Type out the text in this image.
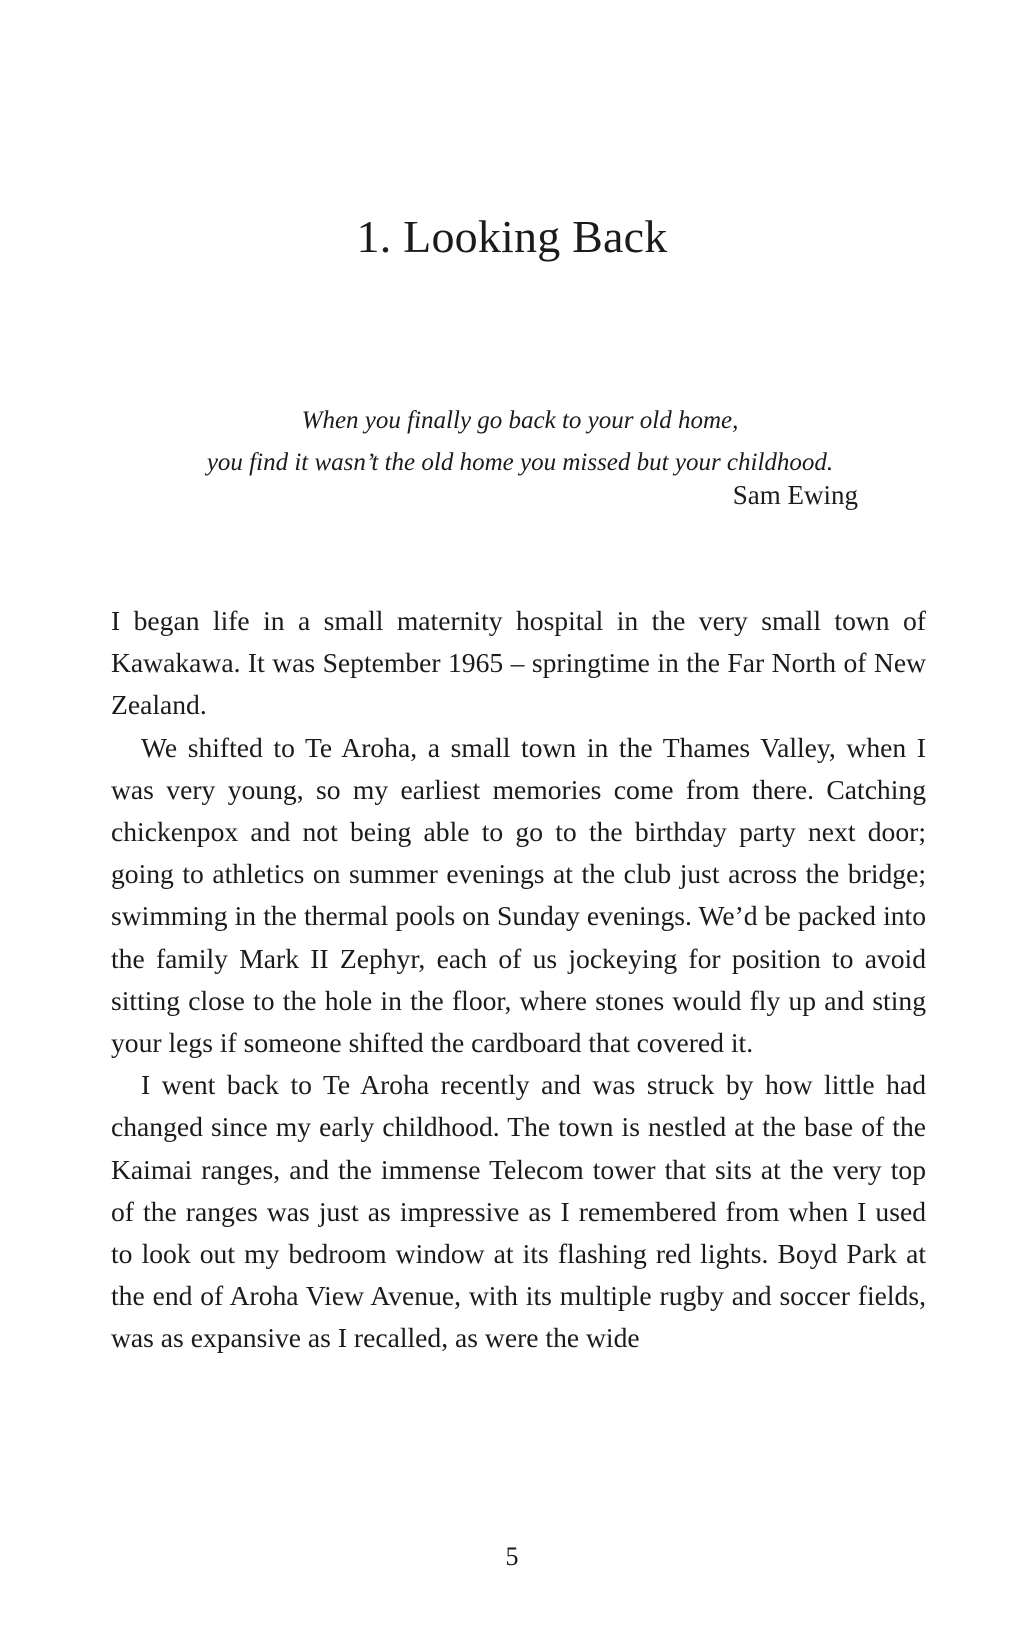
1. Looking Back
When you finally go back to your old home,
you find it wasn’t the old home you missed but your childhood.
Sam Ewing

I began life in a small maternity hospital in the very small town of Kawakawa. It was September 1965 – springtime in the Far North of New Zealand.

We shifted to Te Aroha, a small town in the Thames Valley, when I was very young, so my earliest memories come from there. Catching chickenpox and not being able to go to the birthday party next door; going to athletics on summer evenings at the club just across the bridge; swimming in the thermal pools on Sunday evenings. We’d be packed into the family Mark II Zephyr, each of us jockeying for position to avoid sitting close to the hole in the floor, where stones would fly up and sting your legs if someone shifted the cardboard that covered it.

I went back to Te Aroha recently and was struck by how little had changed since my early childhood. The town is nestled at the base of the Kaimai ranges, and the immense Telecom tower that sits at the very top of the ranges was just as impressive as I remembered from when I used to look out my bedroom window at its flashing red lights. Boyd Park at the end of Aroha View Avenue, with its multiple rugby and soccer fields, was as expansive as I recalled, as were the wide

5
